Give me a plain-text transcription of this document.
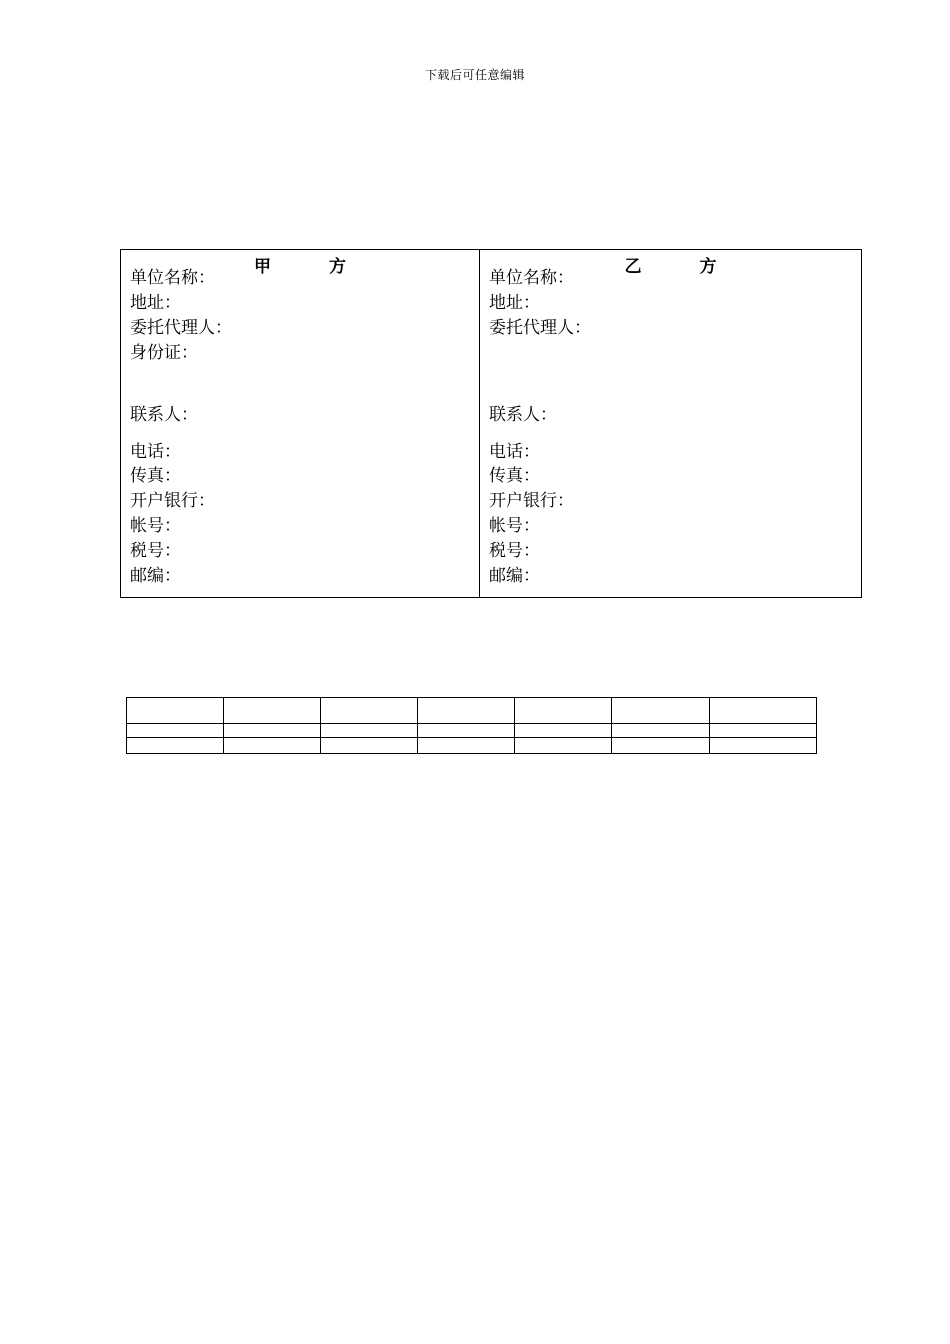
下载后可任意编辑
甲	方
单位名称：
地址：
委托代理人：
身份证：
联系人：
电话：
传真：
开户银行：
帐号：
税号：
邮编：
乙	方
单位名称：
地址：
委托代理人：
联系人：
电话：
传真：
开户银行：
帐号：
税号：
邮编：
